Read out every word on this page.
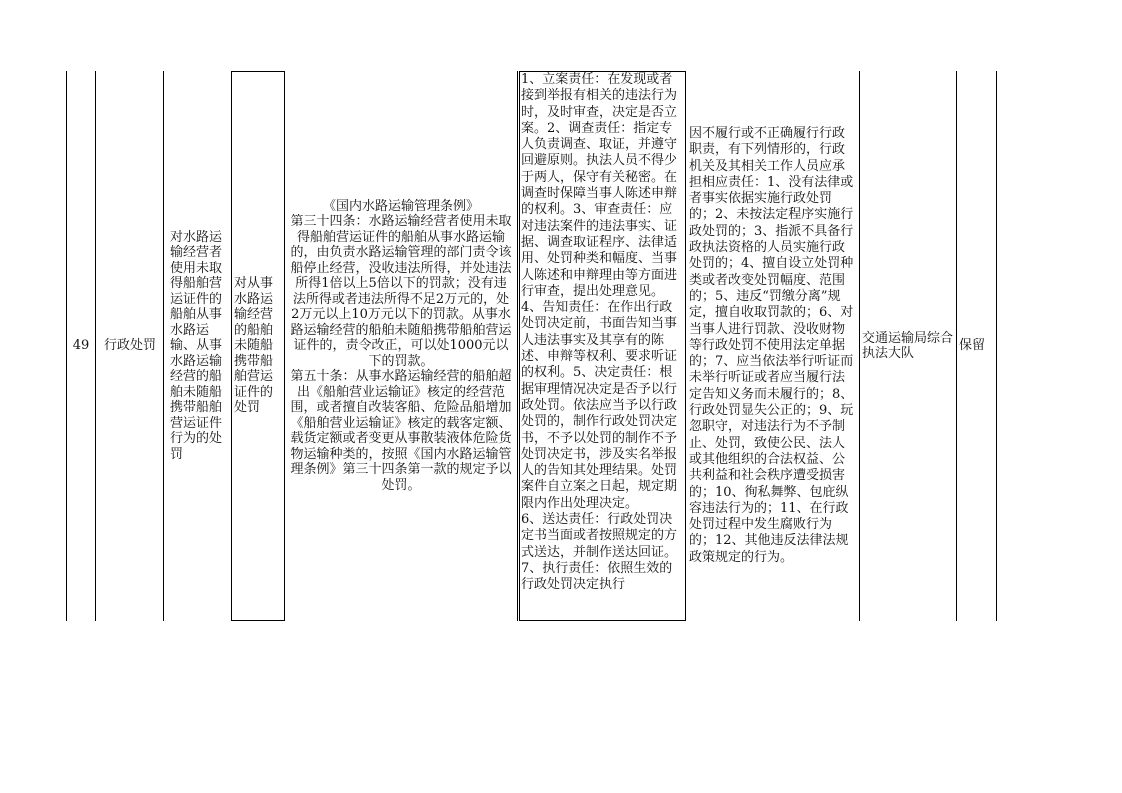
49 行政处罚
对水路运输经营者使用未取得船舶营运证件的船舶从事水路运输、从事水路运输经营的船舶未随船携带船舶营运证件行为的处罚
对从事水路运输经营的船舶未随船携带船舶营运证件的处罚
《国内水路运输管理条例》
第三十四条：水路运输经营者使用未取得船舶营运证件的船舶从事水路运输的，由负责水路运输管理的部门责令该船停止经营，没收违法所得，并处违法所得1倍以上5倍以下的罚款；没有违法所得或者违法所得不足2万元的，处2万元以上10万元以下的罚款。从事水路运输经营的船舶未随船携带船舶营运证件的，责令改正，可以处1000元以下的罚款。
第五十条：从事水路运输经营的船舶超出《船舶营业运输证》核定的经营范围，或者擅自改装客船、危险品船增加《船舶营业运输证》核定的载客定额、载货定额或者变更从事散装液体危险货物运输种类的，按照《国内水路运输管理条例》第三十四条第一款的规定予以处罚。
1、立案责任：在发现或者接到举报有相关的违法行为时，及时审查，决定是否立案。2、调查责任：指定专人负责调查、取证，并遵守回避原则。执法人员不得少于两人，保守有关秘密。在调查时保障当事人陈述申辩的权利。3、审查责任：应对违法案件的违法事实、证据、调查取证程序、法律适用、处罚种类和幅度、当事人陈述和申辩理由等方面进行审查，提出处理意见。4、告知责任：在作出行政处罚决定前，书面告知当事人违法事实及其享有的陈述、申辩等权利、要求听证的权利。5、决定责任：根据审理情况决定是否予以行政处罚。依法应当予以行政处罚的，制作行政处罚决定书，不予以处罚的制作不予处罚决定书，涉及实名举报人的告知其处理结果。处罚案件自立案之日起，规定期限内作出处理决定。
6、送达责任：行政处罚决定书当面或者按照规定的方式送达，并制作送达回证。7、执行责任：依照生效的行政处罚决定执行
因不履行或不正确履行行政职责，有下列情形的，行政机关及其相关工作人员应承担相应责任：1、没有法律或者事实依据实施行政处罚的；2、未按法定程序实施行政处罚的；3、指派不具备行政执法资格的人员实施行政处罚的；4、擅自设立处罚种类或者改变处罚幅度、范围的；5、违反“罚缴分离”规定，擅自收取罚款的；6、对当事人进行罚款、没收财物等行政处罚不使用法定单据的；7、应当依法举行听证而未举行听证或者应当履行法定告知义务而未履行的；8、行政处罚显失公正的；9、玩忽职守，对违法行为不予制止、处罚，致使公民、法人或其他组织的合法权益、公共利益和社会秩序遭受损害的；10、徇私舞弊、包庇纵容违法行为的；11、在行政处罚过程中发生腐败行为的；12、其他违反法律法规政策规定的行为。
交通运输局综合执法大队
保留
